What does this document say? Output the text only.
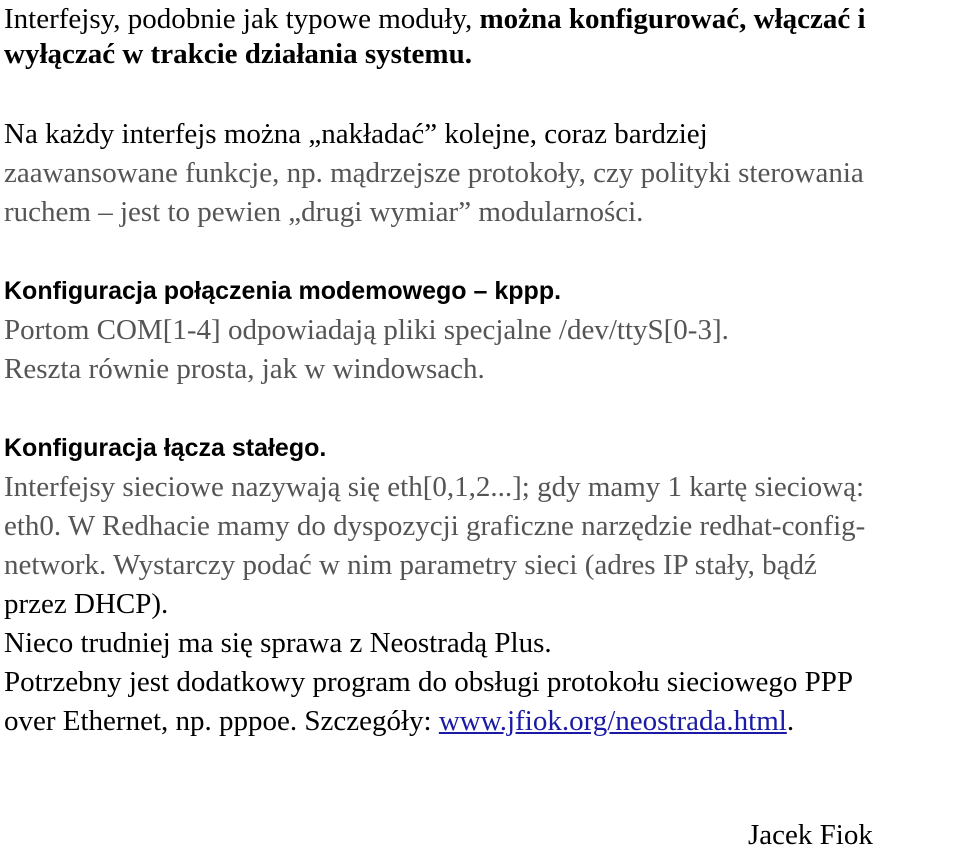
Interfejsy, podobnie jak typowe moduły, można konfigurować, włączać i
wyłączać w trakcie działania systemu.
Na każdy interfejs można „nakładać” kolejne, coraz bardziej
zaawansowane funkcje, np. mądrzejsze protokoły, czy polityki sterowania
ruchem – jest to pewien „drugi wymiar” modularności.
Konfiguracja połączenia modemowego – kppp.
Portom COM[1-4] odpowiadają pliki specjalne /dev/ttyS[0-3].
Reszta równie prosta, jak w windowsach.
Konfiguracja łącza stałego.
Interfejsy sieciowe nazywają się eth[0,1,2...]; gdy mamy 1 kartę sieciową:
eth0. W Redhacie mamy do dyspozycji graficzne narzędzie redhat-config-
network. Wystarczy podać w nim parametry sieci (adres IP stały, bądź
przez DHCP).
Nieco trudniej ma się sprawa z Neostradą Plus.
Potrzebny jest dodatkowy program do obsługi protokołu sieciowego PPP
over Ethernet, np. pppoe. Szczegóły: www.jfiok.org/neostrada.html.
Jacek Fiok
